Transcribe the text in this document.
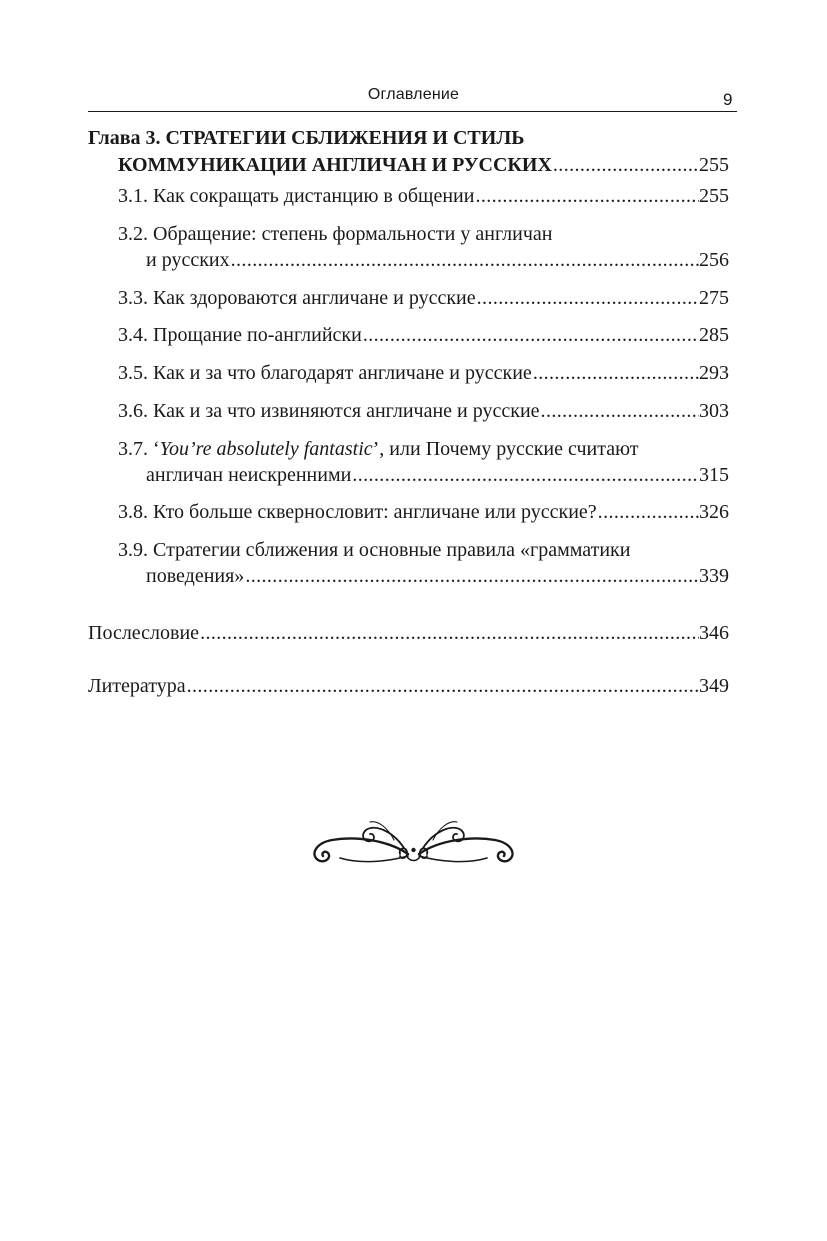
Оглавление	9
Глава 3. СТРАТЕГИИ СБЛИЖЕНИЯ И СТИЛЬ
КОММУНИКАЦИИ АНГЛИЧАН И РУССКИХ .....	255
3.1. Как сокращать дистанцию в общении .....	255
3.2. Обращение: степень формальности у англичан
и русских .....	256
3.3. Как здороваются англичане и русские .....	275
3.4. Прощание по-английски .....	285
3.5. Как и за что благодарят англичане и русские .....	293
3.6. Как и за что извиняются англичане и русские .....	303
3.7. ‘You’re absolutely fantastic’, или Почему русские считают
англичан неискренними .....	315
3.8. Кто больше сквернословит: англичане или русские? .....	326
3.9. Стратегии сближения и основные правила «грамматики
поведения» .....	339
Послесловие .....	346
Литература .....	349
